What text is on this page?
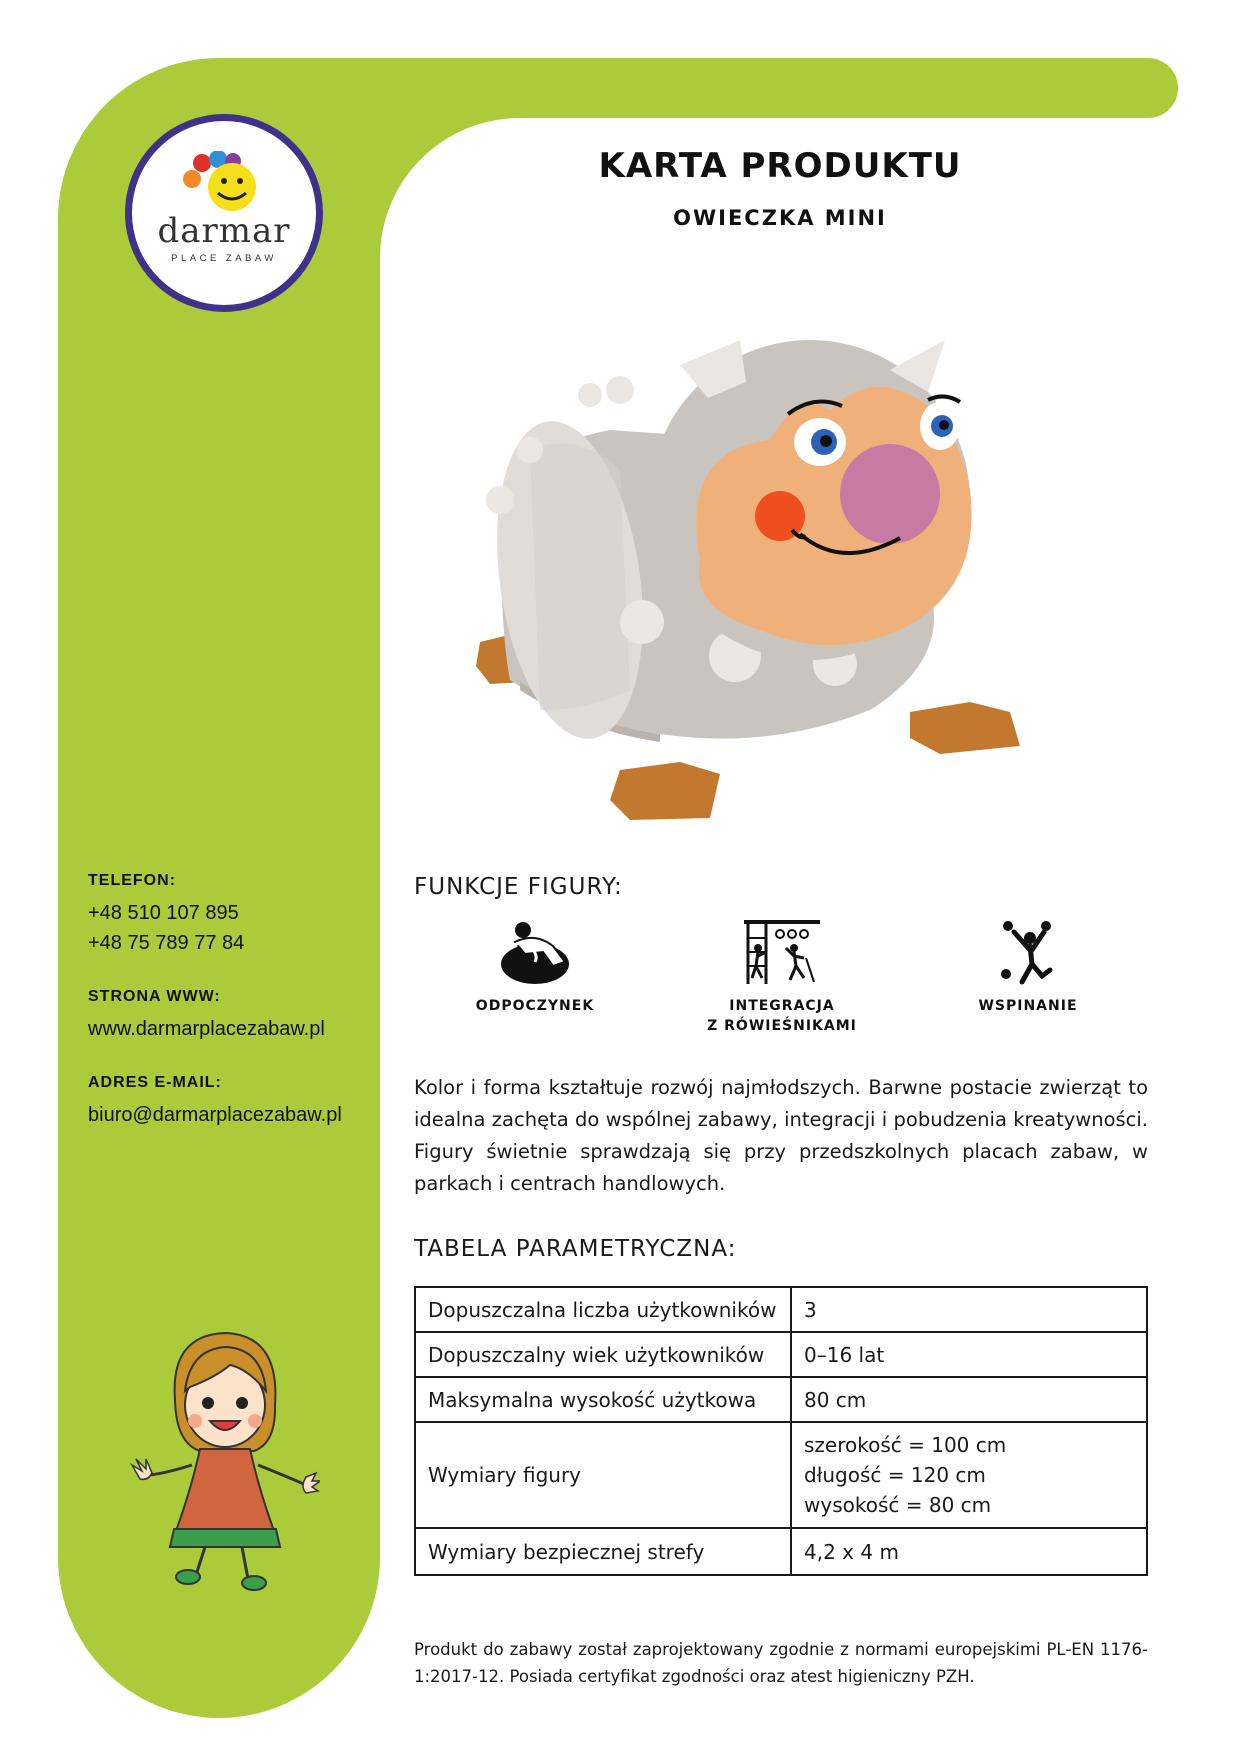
darmar
PLACE ZABAW
TELEFON:
+48 510 107 895
+48 75 789 77 84
STRONA WWW:
www.darmarplacezabaw.pl
ADRES E-MAIL:
biuro@darmarplacezabaw.pl
KARTA PRODUKTU
OWIECZKA MINI
FUNKCJE FIGURY:
ODPOCZYNEK	INTEGRACJA
Z RÓWIEŚNIKAMI
WSPINANIE

Kolor i forma kształtuje rozwój najmłodszych. Barwne postacie zwierząt to idealna zachęta do wspólnej zabawy, integracji i pobudzenia kreatywności. Figury świetnie sprawdzają się przy przedszkolnych placach zabaw, w parkach i centrach handlowych.

TABELA PARAMETRYCZNA:
Dopuszczalna liczba użytkowników	3
Dopuszczalny wiek użytkowników	0–16 lat
Maksymalna wysokość użytkowa	80 cm
Wymiary figury	szerokość = 100 cm
długość = 120 cm
wysokość = 80 cm

Wymiary bezpiecznej strefy	4,2 x 4 m

Produkt do zabawy został zaprojektowany zgodnie z normami europejskimi PL-EN 1176-1:2017-12. Posiada certyfikat zgodności oraz atest higieniczny PZH.
